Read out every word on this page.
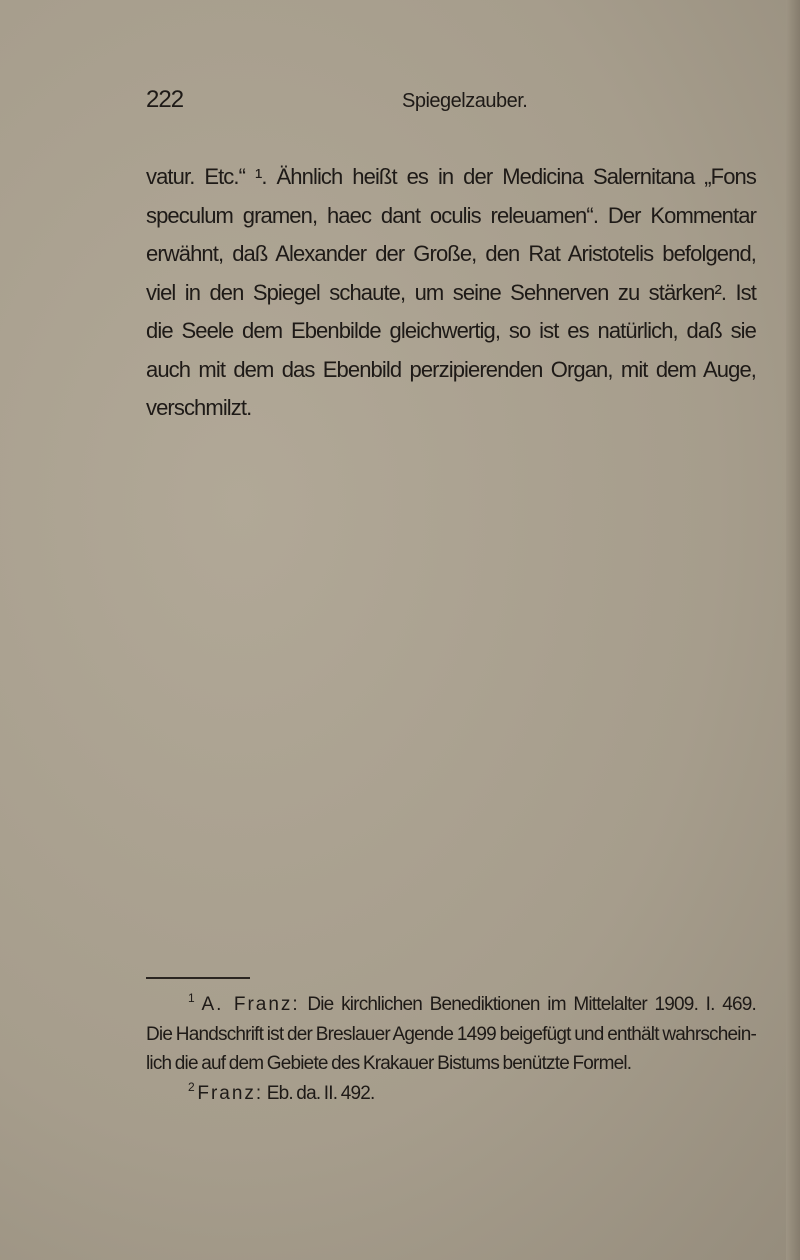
222	Spiegelzauber.
vatur. Etc.“ ¹. Ähnlich heißt es in der Medicina Salernitana „Fons
speculum gramen, haec dant oculis releuamen“. Der Kommentar
erwähnt, daß Alexander der Große, den Rat Aristotelis befolgend,
viel in den Spiegel schaute, um seine Sehnerven zu stärken². Ist
die Seele dem Ebenbilde gleichwertig, so ist es natürlich, daß sie
auch mit dem das Ebenbild perzipierenden Organ, mit dem Auge,
verschmilzt.
$^1$ A. Franz: Die kirchlichen Benediktionen im Mittelalter 1909. I. 469.
Die Handschrift ist der Breslauer Agende 1499 beigefügt und enthält wahrschein-
lich die auf dem Gebiete des Krakauer Bistums benützte Formel.
$^2$ Franz: Eb. da. II. 492.
